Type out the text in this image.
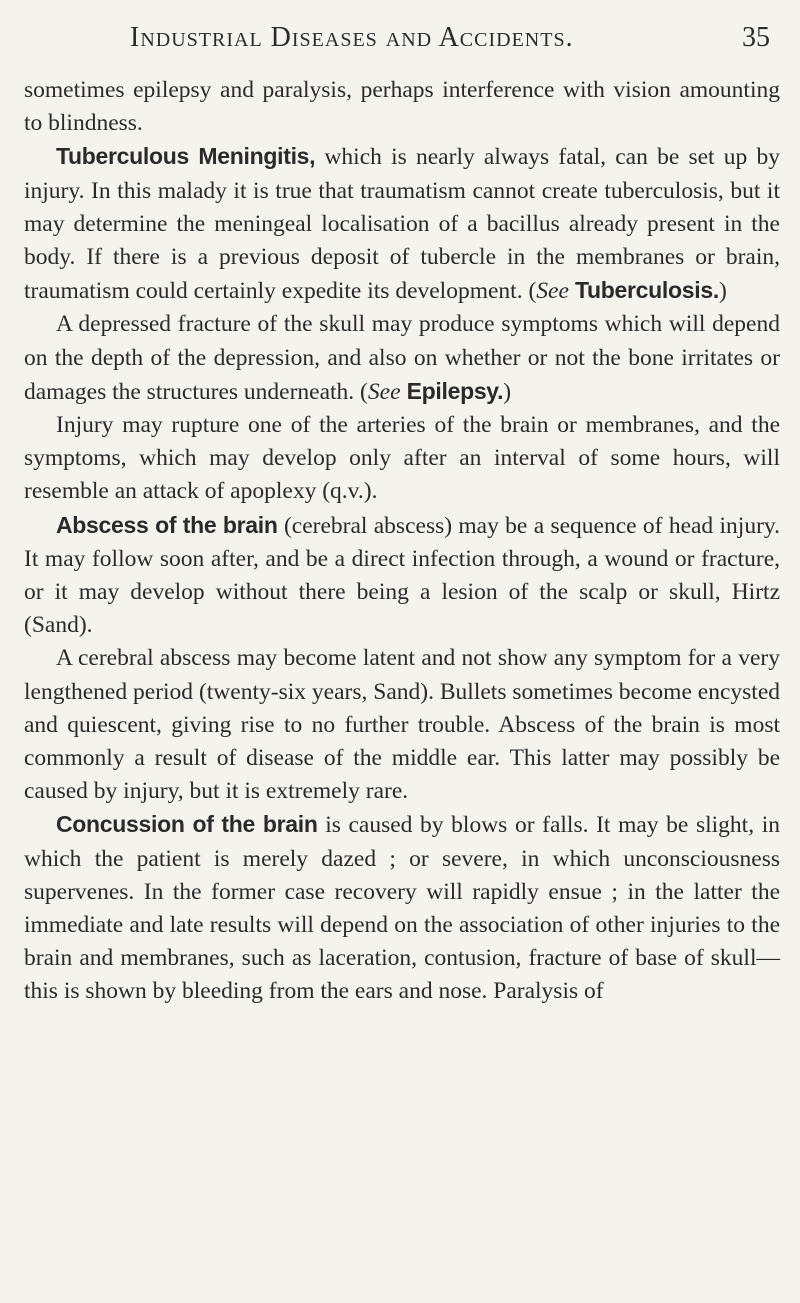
Industrial Diseases and Accidents.	35

sometimes epilepsy and paralysis, perhaps interference with vision amounting to blindness.

Tuberculous Meningitis, which is nearly always fatal, can be set up by injury. In this malady it is true that traumatism cannot create tuberculosis, but it may determine the meningeal localisation of a bacillus already present in the body. If there is a previous deposit of tubercle in the membranes or brain, traumatism could certainly expedite its development. (See Tuberculosis.)

A depressed fracture of the skull may produce symptoms which will depend on the depth of the depression, and also on whether or not the bone irritates or damages the structures underneath. (See Epilepsy.)

Injury may rupture one of the arteries of the brain or membranes, and the symptoms, which may develop only after an interval of some hours, will resemble an attack of apoplexy (q.v.).

Abscess of the brain (cerebral abscess) may be a sequence of head injury. It may follow soon after, and be a direct infection through, a wound or fracture, or it may develop without there being a lesion of the scalp or skull, Hirtz (Sand).

A cerebral abscess may become latent and not show any symptom for a very lengthened period (twenty-six years, Sand). Bullets sometimes become encysted and quiescent, giving rise to no further trouble. Abscess of the brain is most commonly a result of disease of the middle ear. This latter may possibly be caused by injury, but it is extremely rare.

Concussion of the brain is caused by blows or falls. It may be slight, in which the patient is merely dazed ; or severe, in which unconsciousness supervenes. In the former case recovery will rapidly ensue ; in the latter the immediate and late results will depend on the association of other injuries to the brain and membranes, such as laceration, contusion, fracture of base of skull—this is shown by bleeding from the ears and nose. Paralysis of
